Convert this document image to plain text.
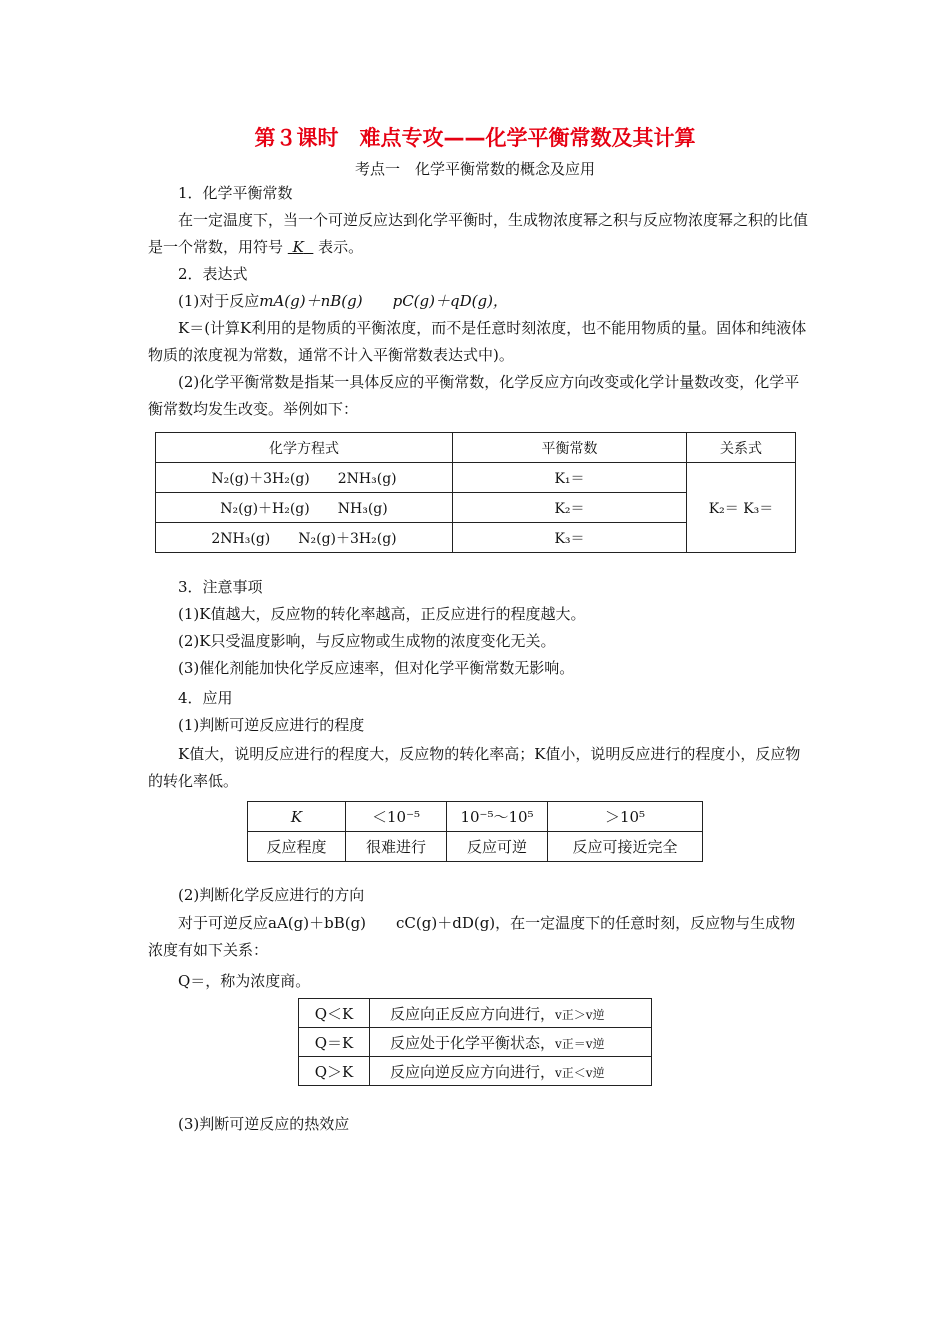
第３课时　难点专攻——化学平衡常数及其计算
考点一　化学平衡常数的概念及应用
1．化学平衡常数
在一定温度下，当一个可逆反应达到化学平衡时，生成物浓度幂之积与反应物浓度幂之积的比值是一个常数，用符号 K 表示。
2．表达式
(1)对于反应mA(g)＋nB(g)　　pC(g)＋qD(g)，
K＝(计算K利用的是物质的平衡浓度，而不是任意时刻浓度，也不能用物质的量。固体和纯液体物质的浓度视为常数，通常不计入平衡常数表达式中)。
(2)化学平衡常数是指某一具体反应的平衡常数，化学反应方向改变或化学计量数改变，化学平衡常数均发生改变。举例如下：
化学方程式	平衡常数	关系式
N₂(g)＋3H₂(g)   2NH₃(g)	K₁＝	K₂＝ K₃＝
N₂(g)＋H₂(g)   NH₃(g)	K₂＝	
2NH₃(g)   N₂(g)＋3H₂(g)	K₃＝	
3．注意事项
(1)K值越大，反应物的转化率越高，正反应进行的程度越大。
(2)K只受温度影响，与反应物或生成物的浓度变化无关。
(3)催化剂能加快化学反应速率，但对化学平衡常数无影响。
4．应用
(1)判断可逆反应进行的程度
K值大，说明反应进行的程度大，反应物的转化率高；K值小，说明反应进行的程度小，反应物的转化率低。
K	＜10⁻⁵	10⁻⁵～10⁵	＞10⁵
反应程度	很难进行	反应可逆	反应可接近完全
(2)判断化学反应进行的方向
对于可逆反应aA(g)＋bB(g)　　cC(g)＋dD(g)，在一定温度下的任意时刻，反应物与生成物浓度有如下关系：
Q＝，称为浓度商。
Q＜K	反应向正反应方向进行，v正＞v逆
Q＝K	反应处于化学平衡状态，v正＝v逆
Q＞K	反应向逆反应方向进行，v正＜v逆
(3)判断可逆反应的热效应
